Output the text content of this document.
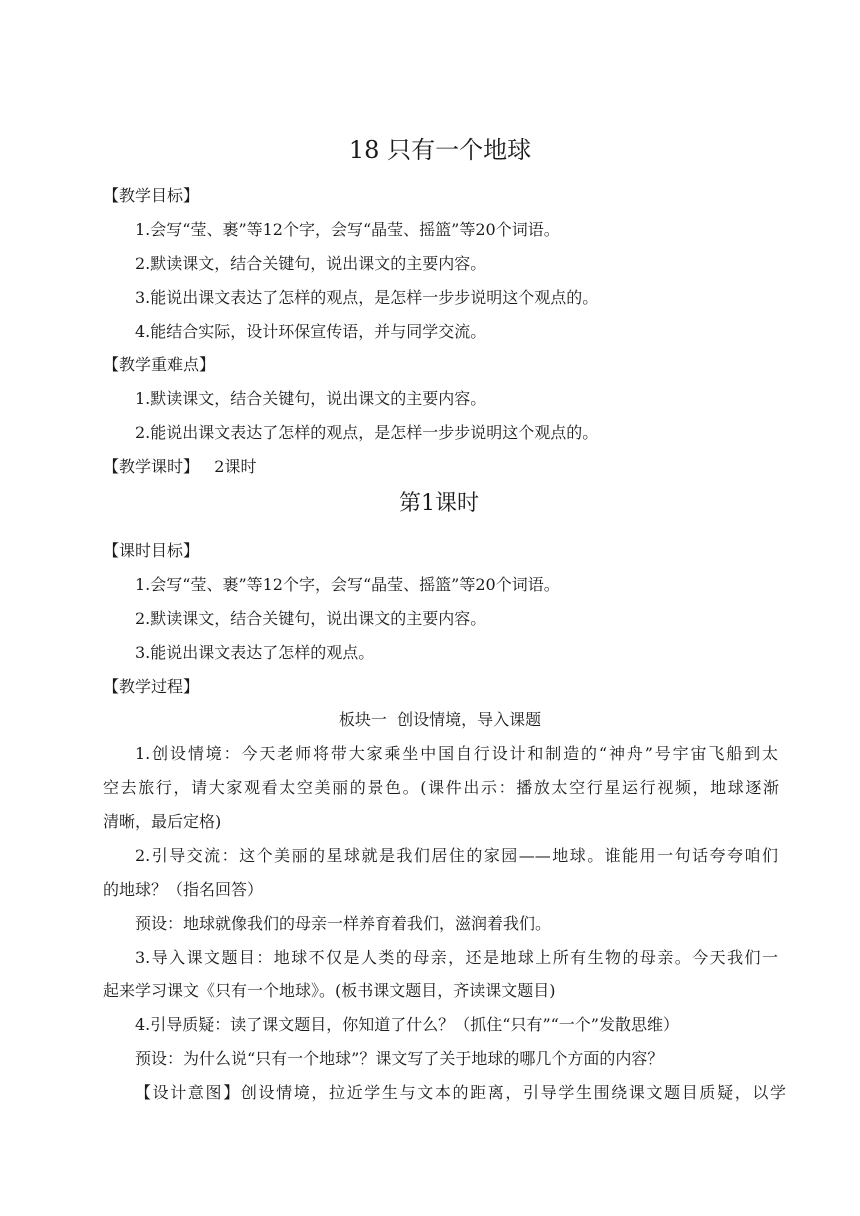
18 只有一个地球
【教学目标】
1.会写“莹、裹”等12个字，会写“晶莹、摇篮”等20个词语。
2.默读课文，结合关键句，说出课文的主要内容。
3.能说出课文表达了怎样的观点，是怎样一步步说明这个观点的。
4.能结合实际，设计环保宣传语，并与同学交流。
【教学重难点】
1.默读课文，结合关键句，说出课文的主要内容。
2.能说出课文表达了怎样的观点，是怎样一步步说明这个观点的。
【教学课时】   2课时
第1课时
【课时目标】
1.会写“莹、裹”等12个字，会写“晶莹、摇篮”等20个词语。
2.默读课文，结合关键句，说出课文的主要内容。
3.能说出课文表达了怎样的观点。
【教学过程】
板块一  创设情境，导入课题
1.创设情境：今天老师将带大家乘坐中国自行设计和制造的“神舟”号宇宙飞船到太
空去旅行，请大家观看太空美丽的景色。(课件出示：播放太空行星运行视频，地球逐渐
清晰，最后定格)
2.引导交流：这个美丽的星球就是我们居住的家园——地球。谁能用一句话夸夸咱们
的地球？（指名回答）
预设：地球就像我们的母亲一样养育着我们，滋润着我们。
3.导入课文题目：地球不仅是人类的母亲，还是地球上所有生物的母亲。今天我们一
起来学习课文《只有一个地球》。(板书课文题目，齐读课文题目)
4.引导质疑：读了课文题目，你知道了什么？（抓住“只有”“一个”发散思维）
预设：为什么说“只有一个地球”？课文写了关于地球的哪几个方面的内容？
【设计意图】创设情境，拉近学生与文本的距离，引导学生围绕课文题目质疑，以学
